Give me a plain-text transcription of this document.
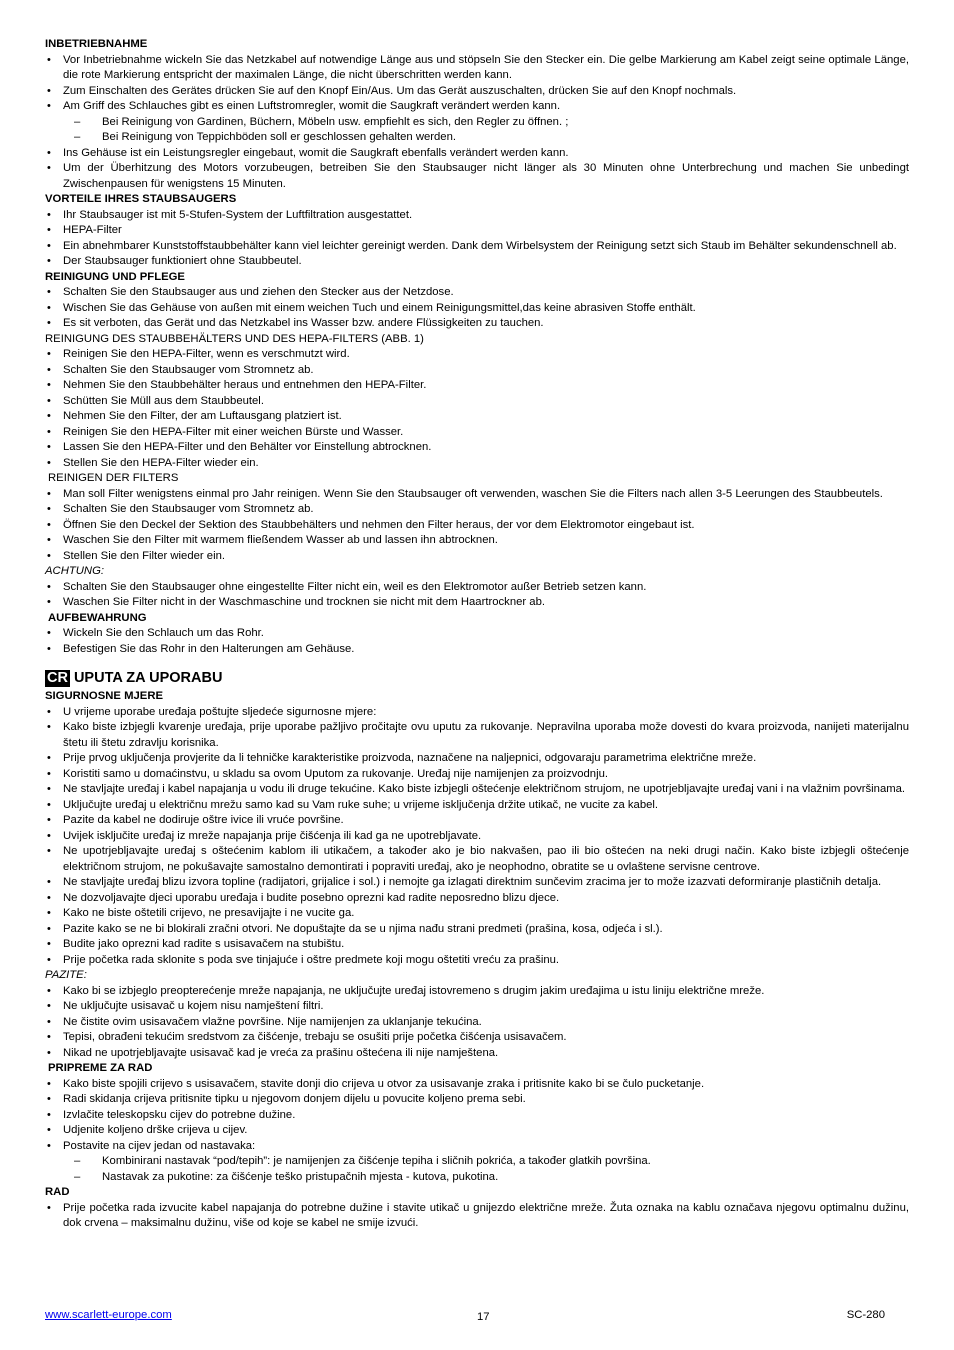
INBETRIEBNAHME
• Vor Inbetriebnahme wickeln Sie das Netzkabel auf notwendige Länge aus und stöpseln Sie den Stecker ein. Die gelbe Markierung am Kabel zeigt seine optimale Länge, die rote Markierung entspricht der maximalen Länge, die nicht überschritten werden kann.
• Zum Einschalten des Gerätes drücken Sie auf den Knopf Ein/Aus. Um das Gerät auszuschalten, drücken Sie auf den Knopf nochmals.
• Am Griff des Schlauches gibt es einen Luftstromregler, womit die Saugkraft verändert werden kann.
– Bei Reinigung von Gardinen, Büchern, Möbeln usw. empfiehlt es sich, den Regler zu öffnen. ;
– Bei Reinigung von Teppichböden soll er geschlossen gehalten werden.
• Ins Gehäuse ist ein Leistungsregler eingebaut, womit die Saugkraft ebenfalls verändert werden kann.
• Um der Überhitzung des Motors vorzubeugen, betreiben Sie den Staubsauger nicht länger als 30 Minuten ohne Unterbrechung und machen Sie unbedingt Zwischenpausen für wenigstens 15 Minuten.
VORTEILE IHRES STAUBSAUGERS
• Ihr Staubsauger ist mit 5-Stufen-System der Luftfiltration ausgestattet.
• HEPA-Filter
• Ein abnehmbarer Kunststoffstaubbehälter kann viel leichter gereinigt werden. Dank dem Wirbelsystem der Reinigung setzt sich Staub im Behälter sekundenschnell ab.
• Der Staubsauger funktioniert ohne Staubbeutel.
REINIGUNG UND PFLEGE
• Schalten Sie den Staubsauger aus und ziehen den Stecker aus der Netzdose.
• Wischen Sie das Gehäuse von außen mit einem weichen Tuch und einem Reinigungsmittel,das keine abrasiven Stoffe enthält.
• Es sit verboten, das Gerät und das Netzkabel ins Wasser bzw. andere Flüssigkeiten zu tauchen.
REINIGUNG DES STAUBBEHÄLTERS UND DES HEPA-FILTERS (ABB. 1)
• Reinigen Sie den HEPA-Filter, wenn es verschmutzt wird.
• Schalten Sie den Staubsauger vom Stromnetz ab.
• Nehmen Sie den Staubbehälter heraus und entnehmen den HEPA-Filter.
• Schütten Sie Müll aus dem Staubbeutel.
• Nehmen Sie den Filter, der am Luftausgang platziert ist.
• Reinigen Sie den HEPA-Filter mit einer weichen Bürste und Wasser.
• Lassen Sie den HEPA-Filter und den Behälter vor Einstellung abtrocknen.
• Stellen Sie den HEPA-Filter wieder ein.
REINIGEN DER FILTERS
• Man soll Filter wenigstens einmal pro Jahr reinigen. Wenn Sie den Staubsauger oft verwenden, waschen Sie die Filters nach allen 3-5 Leerungen des Staubbeutels.
• Schalten Sie den Staubsauger vom Stromnetz ab.
• Öffnen Sie den Deckel der Sektion des Staubbehälters und nehmen den Filter heraus, der vor dem Elektromotor eingebaut ist.
• Waschen Sie den Filter mit warmem fließendem Wasser ab und lassen ihn abtrocknen.
• Stellen Sie den Filter wieder ein.
ACHTUNG:
• Schalten Sie den Staubsauger ohne eingestellte Filter nicht ein, weil es den Elektromotor außer Betrieb setzen kann.
• Waschen Sie Filter nicht in der Waschmaschine und trocknen sie nicht mit dem Haartrockner ab.
AUFBEWAHRUNG
• Wickeln Sie den Schlauch um das Rohr.
• Befestigen Sie das Rohr in den Halterungen am Gehäuse.
CR UPUTA ZA UPORABU
SIGURNOSNE MJERE
• U vrijeme uporabe uređaja poštujte sljedeće sigurnosne mjere:
• Kako biste izbjegli kvarenje uređaja, prije uporabe pažljivo pročitajte ovu uputu za rukovanje. Nepravilna uporaba može dovesti do kvara proizvoda, nanijeti materijalnu štetu ili štetu zdravlju korisnika.
• Prije prvog uključenja provjerite da li tehničke karakteristike proizvoda, naznačene na naljepnici, odgovaraju parametrima električne mreže.
• Koristiti samo u domaćinstvu, u skladu sa ovom Uputom za rukovanje. Uređaj nije namijenjen za proizvodnju.
• Ne stavljajte uređaj i kabel napajanja u vodu ili druge tekućine. Kako biste izbjegli oštećenje električnom strujom, ne upotrjebljavajte uređaj vani i na vlažnim površinama.
• Uključujte uređaj u električnu mrežu samo kad su Vam ruke suhe; u vrijeme isključenja držite utikač, ne vucite za kabel.
• Pazite da kabel ne dodiruje oštre ivice ili vruće površine.
• Uvijek isključite uređaj iz mreže napajanja prije čišćenja ili kad ga ne upotrebljavate.
• Ne upotrjebljavajte uređaj s oštećenim kablom ili utikačem, a također ako je bio nakvašen, pao ili bio oštećen na neki drugi način. Kako biste izbjegli oštećenje električnom strujom, ne pokušavajte samostalno demontirati i popraviti uređaj, ako je neophodno, obratite se u ovlaštene servisne centrove.
• Ne stavljajte uređaj blizu izvora topline (radijatori, grijalice i sol.) i nemojte ga izlagati direktnim sunčevim zracima jer to može izazvati deformiranje plastičnih detalja.
• Ne dozvoljavajte djeci uporabu uređaja i budite posebno oprezni kad radite neposredno blizu djece.
• Kako ne biste oštetili crijevo, ne presavijajte i ne vucite ga.
• Pazite kako se ne bi blokirali zračni otvori. Ne dopuštajte da se u njima nađu strani predmeti (prašina, kosa, odjeća i sl.).
• Budite jako oprezni kad radite s usisavačem na stubištu.
• Prije početka rada sklonite s poda sve tinjajuće i oštre predmete koji mogu oštetiti vreću za prašinu.
PAZITE:
• Kako bi se izbjeglo preopterećenje mreže napajanja, ne uključujte uređaj istovremeno s drugim jakim uređajima u istu liniju električne mreže.
• Ne uključujte usisavač u kojem nisu namještení filtri.
• Ne čistite ovim usisavačem vlažne površine. Nije namijenjen za uklanjanje tekućina.
• Tepisi, obrađeni tekućim sredstvom za čišćenje, trebaju se osušiti prije početka čišćenja usisavačem.
• Nikad ne upotrjebljavajte usisavač kad je vreća za prašinu oštećena ili nije namještena.
PRIPREME ZA RAD
• Kako biste spojili crijevo s usisavačem, stavite donji dio crijeva u otvor za usisavanje zraka i pritisnite kako bi se čulo pucketanje.
• Radi skidanja crijeva pritisnite tipku u njegovom donjem dijelu u povucite koljeno prema sebi.
• Izvlačite teleskopsku cijev do potrebne dužine.
• Udjenite koljeno drške crijeva u cijev.
• Postavite na cijev jedan od nastavaka:
– Kombinirani nastavak “pod/tepih”: je namijenjen za čišćenje tepiha i sličnih pokrića, a također glatkih površina.
– Nastavak za pukotine: za čišćenje teško pristupačnih mjesta - kutova, pukotina.
RAD
• Prije početka rada izvucite kabel napajanja do potrebne dužine i stavite utikač u gnijezdo električne mreže. Žuta oznaka na kablu označava njegovu optimalnu dužinu, dok crvena – maksimalnu dužinu, više od koje se kabel ne smije izvući.
www.scarlett-europe.com	17	SC-280
